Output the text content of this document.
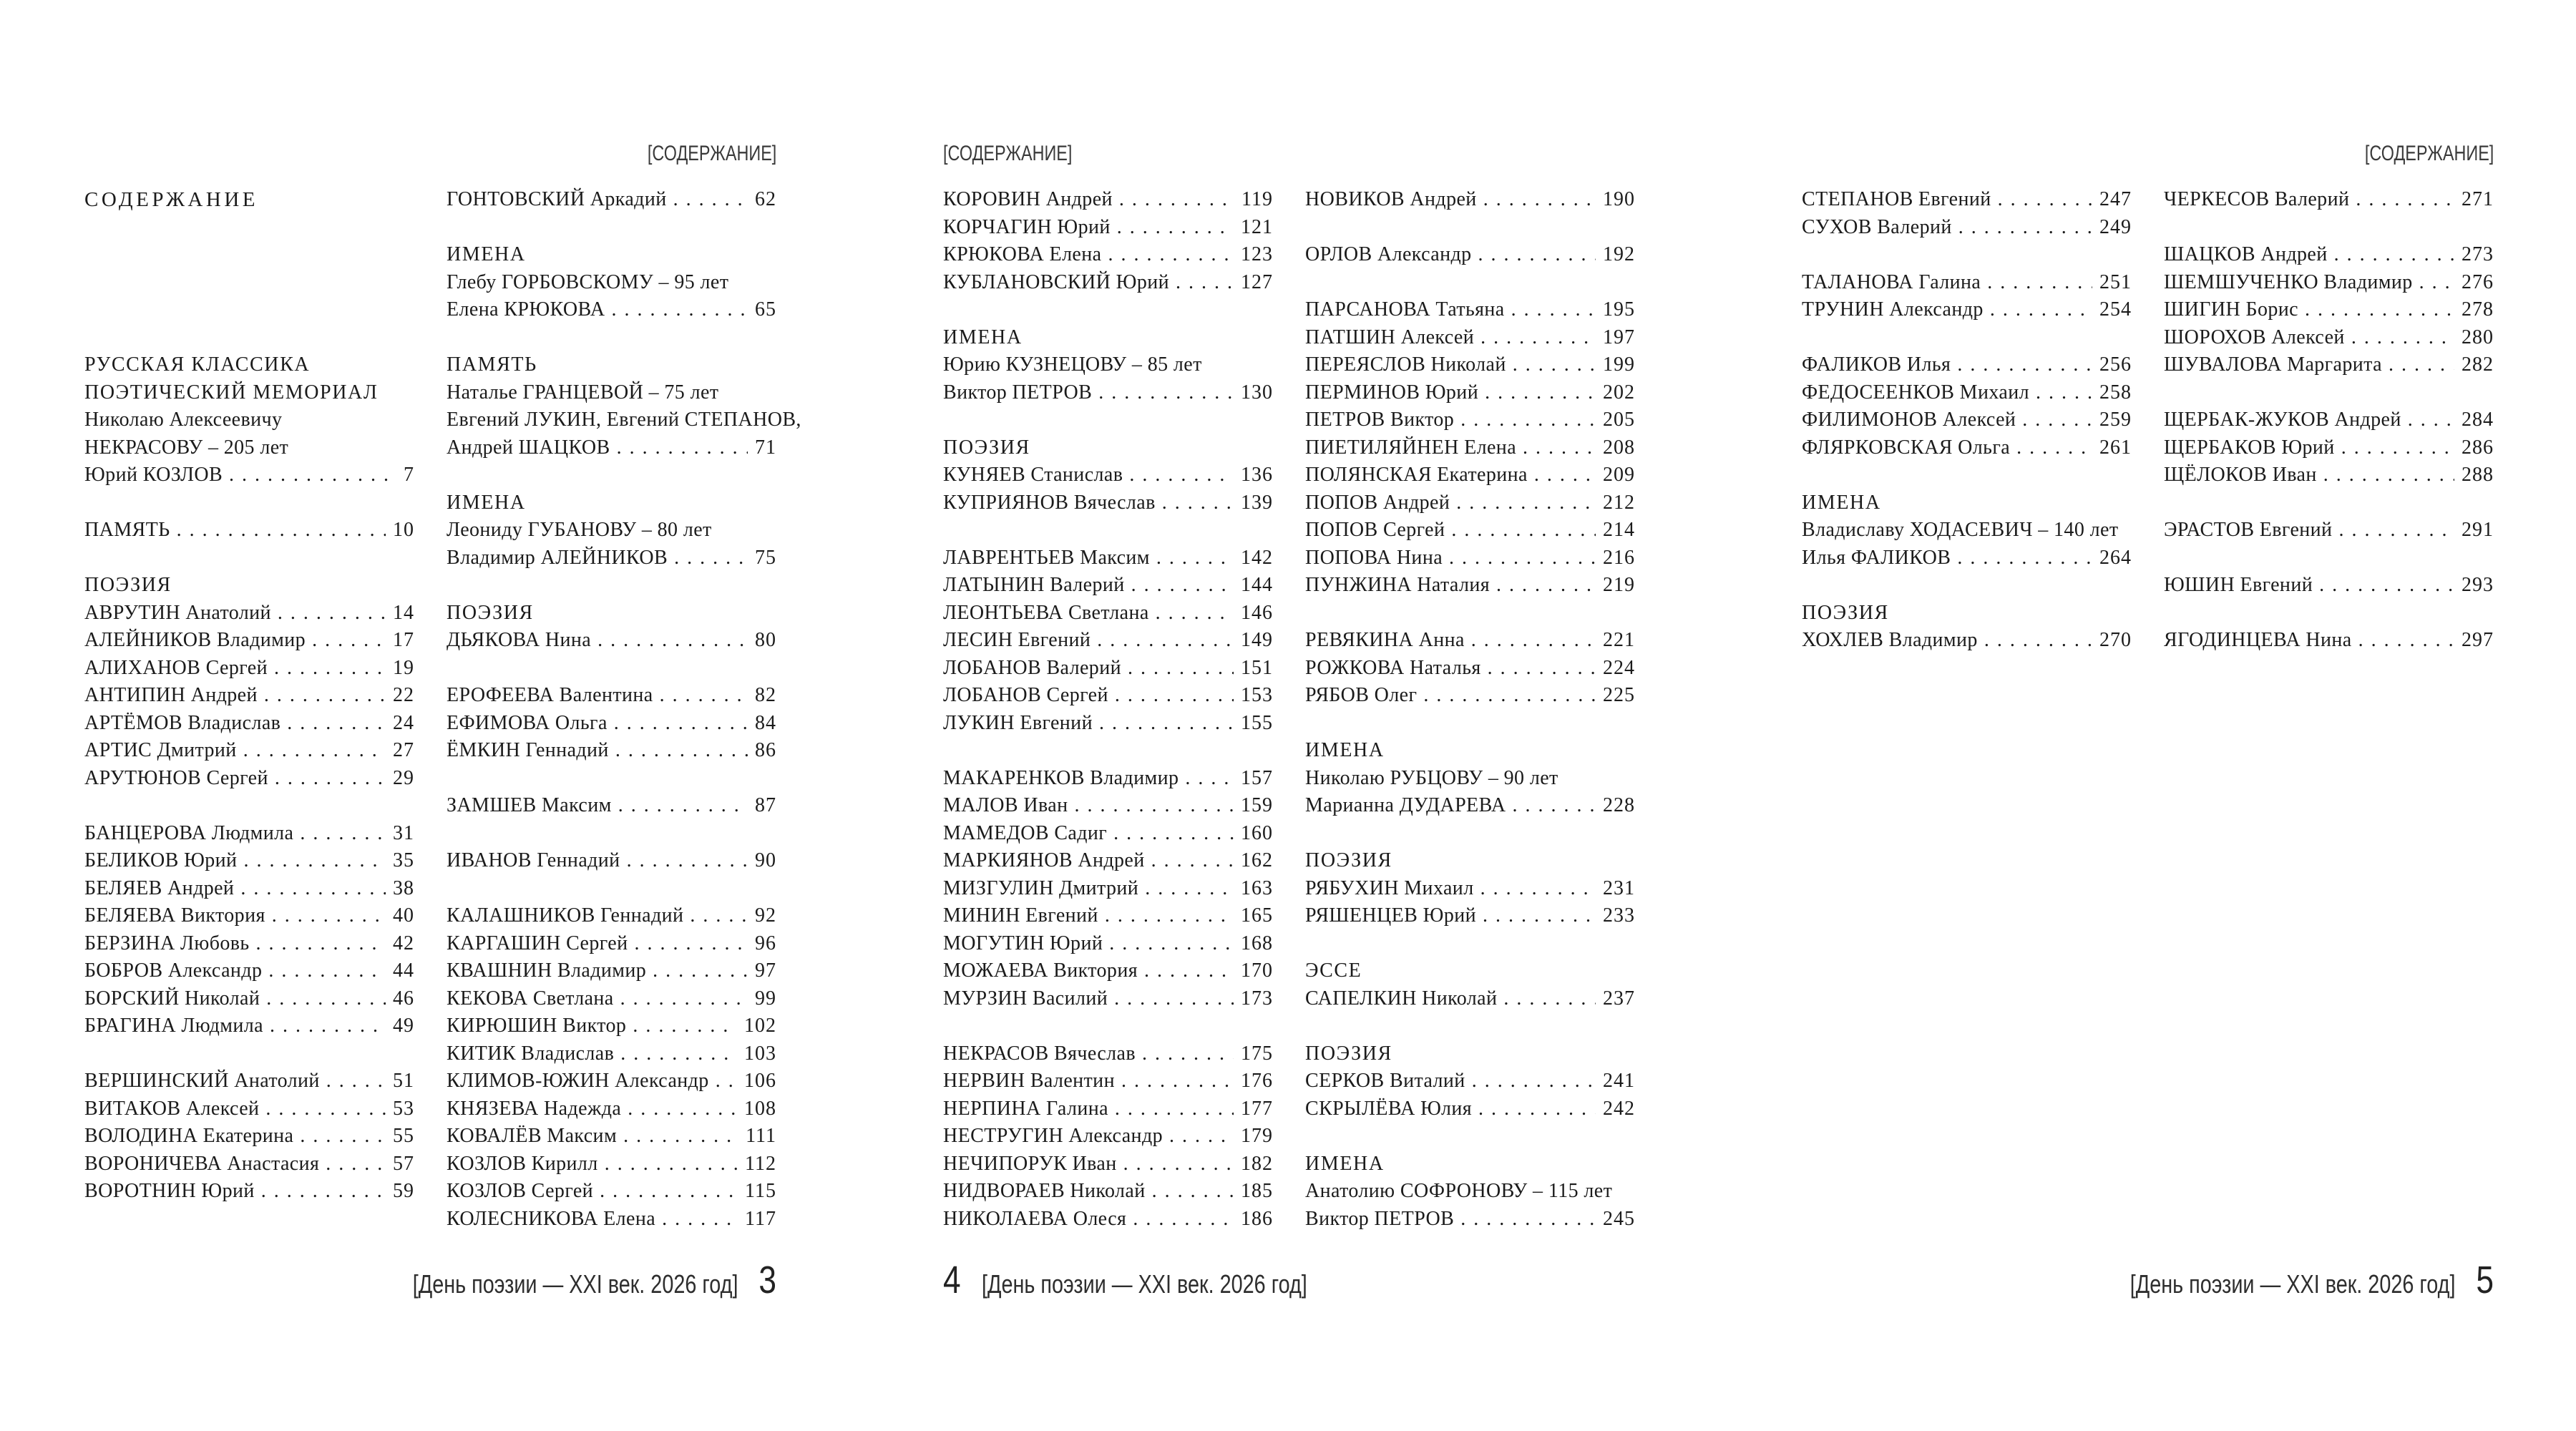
[СОДЕРЖАНИЕ]
СОДЕРЖАНИЕ
РУССКАЯ КЛАССИКА
ПОЭТИЧЕСКИЙ МЕМОРИАЛ
Николаю Алексеевичу
НЕКРАСОВУ – 205 лет
Юрий КОЗЛОВ . . .	7
ПАМЯТЬ . . .	10
ПОЭЗИЯ
АВРУТИН Анатолий . . .	14
АЛЕЙНИКОВ Владимир . . .	17
АЛИХАНОВ Сергей . . .	19
АНТИПИН Андрей . . .	22
АРТЁМОВ Владислав . . .	24
АРТИС Дмитрий . . .	27
АРУТЮНОВ Сергей . . .	29
БАНЦЕРОВА Людмила . . .	31
БЕЛИКОВ Юрий . . .	35
БЕЛЯЕВ Андрей . . .	38
БЕЛЯЕВА Виктория . . .	40
БЕРЗИНА Любовь . . .	42
БОБРОВ Александр . . .	44
БОРСКИЙ Николай . . .	46
БРАГИНА Людмила . . .	49
ВЕРШИНСКИЙ Анатолий . . .	51
ВИТАКОВ Алексей . . .	53
ВОЛОДИНА Екатерина . . .	55
ВОРОНИЧЕВА Анастасия . . .	57
ВОРОТНИН Юрий . . .	59
ГОНТОВСКИЙ Аркадий . . .	62
ИМЕНА
Глебу ГОРБОВСКОМУ – 95 лет
Елена КРЮКОВА . . .	65
ПАМЯТЬ
Наталье ГРАНЦЕВОЙ – 75 лет
Евгений ЛУКИН, Евгений СТЕПАНОВ,
Андрей ШАЦКОВ . . .	71
ИМЕНА
Леониду ГУБАНОВУ – 80 лет
Владимир АЛЕЙНИКОВ . . .	75
ПОЭЗИЯ
ДЬЯКОВА Нина . . .	80
ЕРОФЕЕВА Валентина . . .	82
ЕФИМОВА Ольга . . .	84
ЁМКИН Геннадий . . .	86
ЗАМШЕВ Максим . . .	87
ИВАНОВ Геннадий . . .	90
КАЛАШНИКОВ Геннадий . . .	92
КАРГАШИН Сергей . . .	96
КВАШНИН Владимир . . .	97
КЕКОВА Светлана . . .	99
КИРЮШИН Виктор . . .	102
КИТИК Владислав . . .	103
КЛИМОВ-ЮЖИН Александр . . . 106
КНЯЗЕВА Надежда . . .	108
КОВАЛЁВ Максим . . .	111
КОЗЛОВ Кирилл . . .	112
КОЗЛОВ Сергей . . .	115
КОЛЕСНИКОВА Елена . . .	117
[День поэзии — XXI век. 2026 год] 3
[СОДЕРЖАНИЕ]
КОРОВИН Андрей . . .	119
КОРЧАГИН Юрий . . .	121
КРЮКОВА Елена . . .	123
КУБЛАНОВСКИЙ Юрий . . .	127
ИМЕНА
Юрию КУЗНЕЦОВУ – 85 лет
Виктор ПЕТРОВ . . .	130
ПОЭЗИЯ
КУНЯЕВ Станислав . . .	136
КУПРИЯНОВ Вячеслав . . .	139
ЛАВРЕНТЬЕВ Максим . . .	142
ЛАТЫНИН Валерий . . .	144
ЛЕОНТЬЕВА Светлана . . .	146
ЛЕСИН Евгений . . .	149
ЛОБАНОВ Валерий . . .	151
ЛОБАНОВ Сергей . . .	153
ЛУКИН Евгений . . .	155
МАКАРЕНКОВ Владимир . . .	157
МАЛОВ Иван . . .	159
МАМЕДОВ Садиг . . .	160
МАРКИЯНОВ Андрей . . .	162
МИЗГУЛИН Дмитрий . . .	163
МИНИН Евгений . . .	165
МОГУТИН Юрий . . .	168
МОЖАЕВА Виктория . . .	170
МУРЗИН Василий . . .	173
НЕКРАСОВ Вячеслав . . .	175
НЕРВИН Валентин . . .	176
НЕРПИНА Галина . . .	177
НЕСТРУГИН Александр . . .	179
НЕЧИПОРУК Иван . . .	182
НИДВОРАЕВ Николай . . .	185
НИКОЛАЕВА Олеся . . .	186
НОВИКОВ Андрей . . .	190
ОРЛОВ Александр . . .	192
ПАРСАНОВА Татьяна . . .	195
ПАТШИН Алексей . . .	197
ПЕРЕЯСЛОВ Николай . . .	199
ПЕРМИНОВ Юрий . . .	202
ПЕТРОВ Виктор . . .	205
ПИЕТИЛЯЙНЕН Елена . . .	208
ПОЛЯНСКАЯ Екатерина . . .	209
ПОПОВ Андрей . . .	212
ПОПОВ Сергей . . .	214
ПОПОВА Нина . . .	216
ПУНЖИНА Наталия . . .	219
РЕВЯКИНА Анна . . .	221
РОЖКОВА Наталья . . .	224
РЯБОВ Олег . . .	225
ИМЕНА
Николаю РУБЦОВУ – 90 лет
Марианна ДУДАРЕВА . . .	228
ПОЭЗИЯ
РЯБУХИН Михаил . . .	231
РЯШЕНЦЕВ Юрий . . .	233
ЭССЕ
САПЕЛКИН Николай . . .	237
ПОЭЗИЯ
СЕРКОВ Виталий . . .	241
СКРЫЛЁВА Юлия . . .	242
ИМЕНА
Анатолию СОФРОНОВУ – 115 лет
Виктор ПЕТРОВ . . .	245
[День поэзии — XXI век. 2026 год]
4
[СОДЕРЖАНИЕ]
СТЕПАНОВ Евгений . . .	247
СУХОВ Валерий . . .	249
ТАЛАНОВА Галина . . .	251
ТРУНИН Александр . . .	254
ФАЛИКОВ Илья . . .	256
ФЕДОСЕЕНКОВ Михаил . . .	258
ФИЛИМОНОВ Алексей . . .	259
ФЛЯРКОВСКАЯ Ольга . . .	261
ИМЕНА
Владиславу ХОДАСЕВИЧ – 140 лет
Илья ФАЛИКОВ . . .	264
ПОЭЗИЯ
ХОХЛЕВ Владимир . . .	270
ЧЕРКЕСОВ Валерий . . .	271
ШАЦКОВ Андрей . . .	273
ШЕМШУЧЕНКО Владимир . . . 276
ШИГИН Борис . . .	278
ШОРОХОВ Алексей . . .	280
ШУВАЛОВА Маргарита . . .	282
ЩЕРБАК-ЖУКОВ Андрей . . .	284
ЩЕРБАКОВ Юрий . . .	286
ЩЁЛОКОВ Иван . . .	288
ЭРАСТОВ Евгений . . .	291
ЮШИН Евгений . . .	293
ЯГОДИНЦЕВА Нина . . .	297
[День поэзии — XXI век. 2026 год] 5
